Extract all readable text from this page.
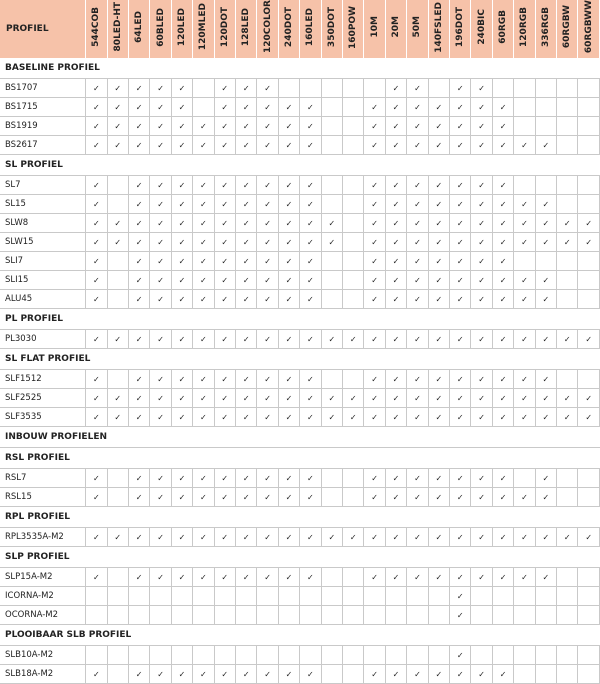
PROFIEL	544COB	80LED-HT	64LED	60BLED	120LED	120MLED	120DOT	128LED	120COLOR	240DOT	160LED	350DOT	160POW	10M	20M	50M	140FSLED	196DOT	240BIC	60RGB	120RGB	336RGB	60RGBW	60RGBWW
BASELINE PROFIEL																								
BS1707	✓	✓	✓	✓	✓		✓	✓	✓						✓	✓		✓	✓					
BS1715	✓	✓	✓	✓	✓		✓	✓	✓	✓	✓			✓	✓	✓	✓	✓	✓	✓				
BS1919	✓	✓	✓	✓	✓	✓	✓	✓	✓	✓	✓			✓	✓	✓	✓	✓	✓	✓				
BS2617	✓	✓	✓	✓	✓	✓	✓	✓	✓	✓	✓			✓	✓	✓	✓	✓	✓	✓	✓	✓		
SL PROFIEL																								
SL7	✓		✓	✓	✓	✓	✓	✓	✓	✓	✓			✓	✓	✓	✓	✓	✓	✓				
SL15	✓		✓	✓	✓	✓	✓	✓	✓	✓	✓			✓	✓	✓	✓	✓	✓	✓	✓	✓		
SLW8	✓	✓	✓	✓	✓	✓	✓	✓	✓	✓	✓	✓		✓	✓	✓	✓	✓	✓	✓	✓	✓	✓	✓
SLW15	✓	✓	✓	✓	✓	✓	✓	✓	✓	✓	✓	✓		✓	✓	✓	✓	✓	✓	✓	✓	✓	✓	✓
SLI7	✓		✓	✓	✓	✓	✓	✓	✓	✓	✓			✓	✓	✓	✓	✓	✓	✓				
SLI15	✓		✓	✓	✓	✓	✓	✓	✓	✓	✓			✓	✓	✓	✓	✓	✓	✓	✓	✓		
ALU45	✓		✓	✓	✓	✓	✓	✓	✓	✓	✓			✓	✓	✓	✓	✓	✓	✓	✓	✓		
PL PROFIEL																								
PL3030	✓	✓	✓	✓	✓	✓	✓	✓	✓	✓	✓	✓	✓	✓	✓	✓	✓	✓	✓	✓	✓	✓	✓	✓
SL FLAT PROFIEL																								
SLF1512	✓		✓	✓	✓	✓	✓	✓	✓	✓	✓			✓	✓	✓	✓	✓	✓	✓	✓	✓		
SLF2525	✓	✓	✓	✓	✓	✓	✓	✓	✓	✓	✓	✓	✓	✓	✓	✓	✓	✓	✓	✓	✓	✓	✓	✓
SLF3535	✓	✓	✓	✓	✓	✓	✓	✓	✓	✓	✓	✓	✓	✓	✓	✓	✓	✓	✓	✓	✓	✓	✓	✓
INBOUW PROFIELEN																								
RSL PROFIEL																								
RSL7	✓		✓	✓	✓	✓	✓	✓	✓	✓	✓			✓	✓	✓	✓	✓	✓	✓		✓		
RSL15	✓		✓	✓	✓	✓	✓	✓	✓	✓	✓			✓	✓	✓	✓	✓	✓	✓	✓	✓		
RPL PROFIEL																								
RPL3535A-M2	✓	✓	✓	✓	✓	✓	✓	✓	✓	✓	✓	✓	✓	✓	✓	✓	✓	✓	✓	✓	✓	✓	✓	✓
SLP PROFIEL																								
SLP15A-M2	✓		✓	✓	✓	✓	✓	✓	✓	✓	✓			✓	✓	✓	✓	✓	✓	✓	✓	✓		
ICORNA-M2																		✓						
OCORNA-M2																		✓						
PLOOIBAAR SLB PROFIEL																								
SLB10A-M2																		✓						
SLB18A-M2	✓		✓	✓	✓	✓	✓	✓	✓	✓	✓			✓	✓	✓	✓	✓	✓	✓				
